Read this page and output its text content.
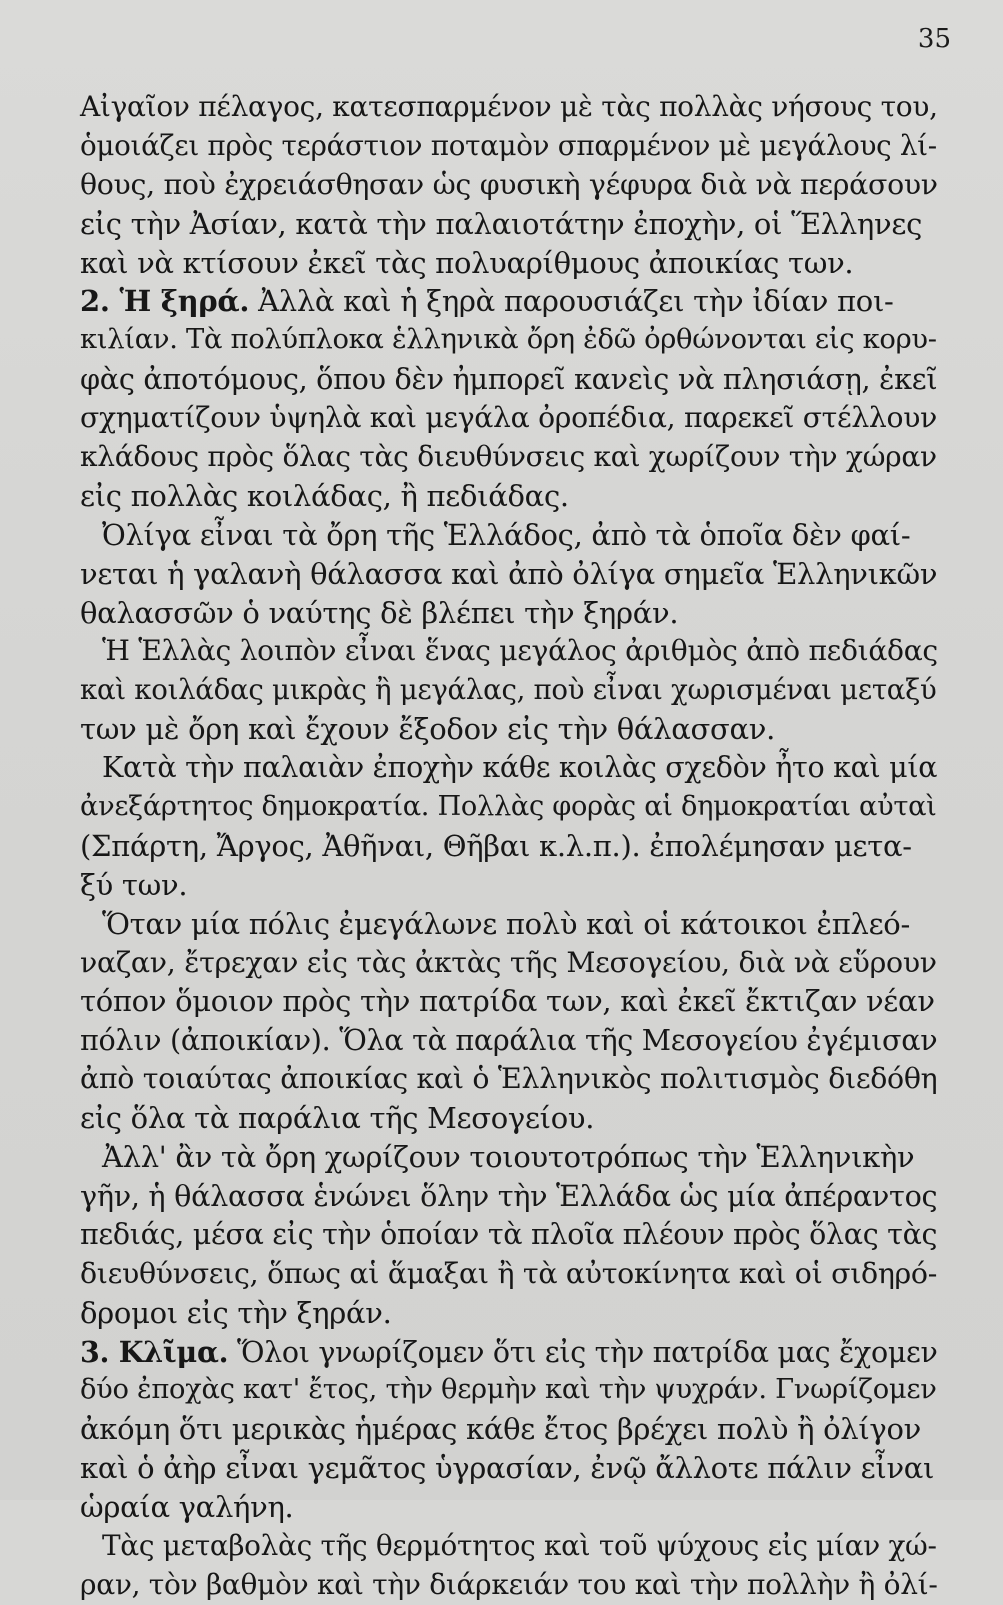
35

Αἰγαῖον πέλαγος, κατεσπαρμένον μὲ τὰς πολλὰς νήσους του,

ὁμοιάζει πρὸς τεράστιον ποταμὸν σπαρμένον μὲ μεγάλους λί-

θους, ποὺ ἐχρειάσθησαν ὡς φυσικὴ γέφυρα διὰ νὰ περάσουν

εἰς τὴν Ἀσίαν, κατὰ τὴν παλαιοτάτην ἐποχὴν, οἱ Ἕλληνες

καὶ νὰ κτίσουν ἐκεῖ τὰς πολυαρίθμους ἀποικίας των.

2. Ἡ ξηρά. Ἀλλὰ καὶ ἡ ξηρὰ παρουσιάζει τὴν ἰδίαν ποι-

κιλίαν. Τὰ πολύπλοκα ἑλληνικὰ ὄρη ἐδῶ ὀρθώνονται εἰς κορυ-

φὰς ἀποτόμους, ὅπου δὲν ἠμπορεῖ κανεὶς νὰ πλησιάσῃ, ἐκεῖ

σχηματίζουν ὑψηλὰ καὶ μεγάλα ὀροπέδια, παρεκεῖ στέλλουν

κλάδους πρὸς ὅλας τὰς διευθύνσεις καὶ χωρίζουν τὴν χώραν

εἰς πολλὰς κοιλάδας, ἢ πεδιάδας.

Ὀλίγα εἶναι τὰ ὄρη τῆς Ἑλλάδος, ἀπὸ τὰ ὁποῖα δὲν φαί-

νεται ἡ γαλανὴ θάλασσα καὶ ἀπὸ ὀλίγα σημεῖα Ἑλληνικῶν

θαλασσῶν ὁ ναύτης δὲ βλέπει τὴν ξηράν.

Ἡ Ἑλλὰς λοιπὸν εἶναι ἕνας μεγάλος ἀριθμὸς ἀπὸ πεδιάδας

καὶ κοιλάδας μικρὰς ἢ μεγάλας, ποὺ εἶναι χωρισμέναι μεταξύ

των μὲ ὄρη καὶ ἔχουν ἔξοδον εἰς τὴν θάλασσαν.

Κατὰ τὴν παλαιὰν ἐποχὴν κάθε κοιλὰς σχεδὸν ἦτο καὶ μία

ἀνεξάρτητος δημοκρατία. Πολλὰς φορὰς αἱ δημοκρατίαι αὐταὶ

(Σπάρτη, Ἄργος, Ἀθῆναι, Θῆβαι κ.λ.π.). ἐπολέμησαν μετα-

ξύ των.

Ὅταν μία πόλις ἐμεγάλωνε πολὺ καὶ οἱ κάτοικοι ἐπλεό-

ναζαν, ἔτρεχαν εἰς τὰς ἀκτὰς τῆς Μεσογείου, διὰ νὰ εὕρουν

τόπον ὅμοιον πρὸς τὴν πατρίδα των, καὶ ἐκεῖ ἔκτιζαν νέαν

πόλιν (ἀποικίαν). Ὅλα τὰ παράλια τῆς Μεσογείου ἐγέμισαν

ἀπὸ τοιαύτας ἀποικίας καὶ ὁ Ἑλληνικὸς πολιτισμὸς διεδόθη

εἰς ὅλα τὰ παράλια τῆς Μεσογείου.

Ἀλλ' ἂν τὰ ὄρη χωρίζουν τοιουτοτρόπως τὴν Ἑλληνικὴν

γῆν, ἡ θάλασσα ἑνώνει ὅλην τὴν Ἑλλάδα ὡς μία ἀπέραντος

πεδιάς, μέσα εἰς τὴν ὁποίαν τὰ πλοῖα πλέουν πρὸς ὅλας τὰς

διευθύνσεις, ὅπως αἱ ἅμαξαι ἢ τὰ αὐτοκίνητα καὶ οἱ σιδηρό-

δρομοι εἰς τὴν ξηράν.

3. Κλῖμα. Ὅλοι γνωρίζομεν ὅτι εἰς τὴν πατρίδα μας ἔχομεν

δύο ἐποχὰς κατ' ἔτος, τὴν θερμὴν καὶ τὴν ψυχράν. Γνωρίζομεν

ἀκόμη ὅτι μερικὰς ἡμέρας κάθε ἔτος βρέχει πολὺ ἢ ὀλίγον

καὶ ὁ ἀὴρ εἶναι γεμᾶτος ὑγρασίαν, ἐνῷ ἄλλοτε πάλιν εἶναι

ὡραία γαλήνη.

Τὰς μεταβολὰς τῆς θερμότητος καὶ τοῦ ψύχους εἰς μίαν χώ-

ραν, τὸν βαθμὸν καὶ τὴν διάρκειάν του καὶ τὴν πολλὴν ἢ ὀλί-
